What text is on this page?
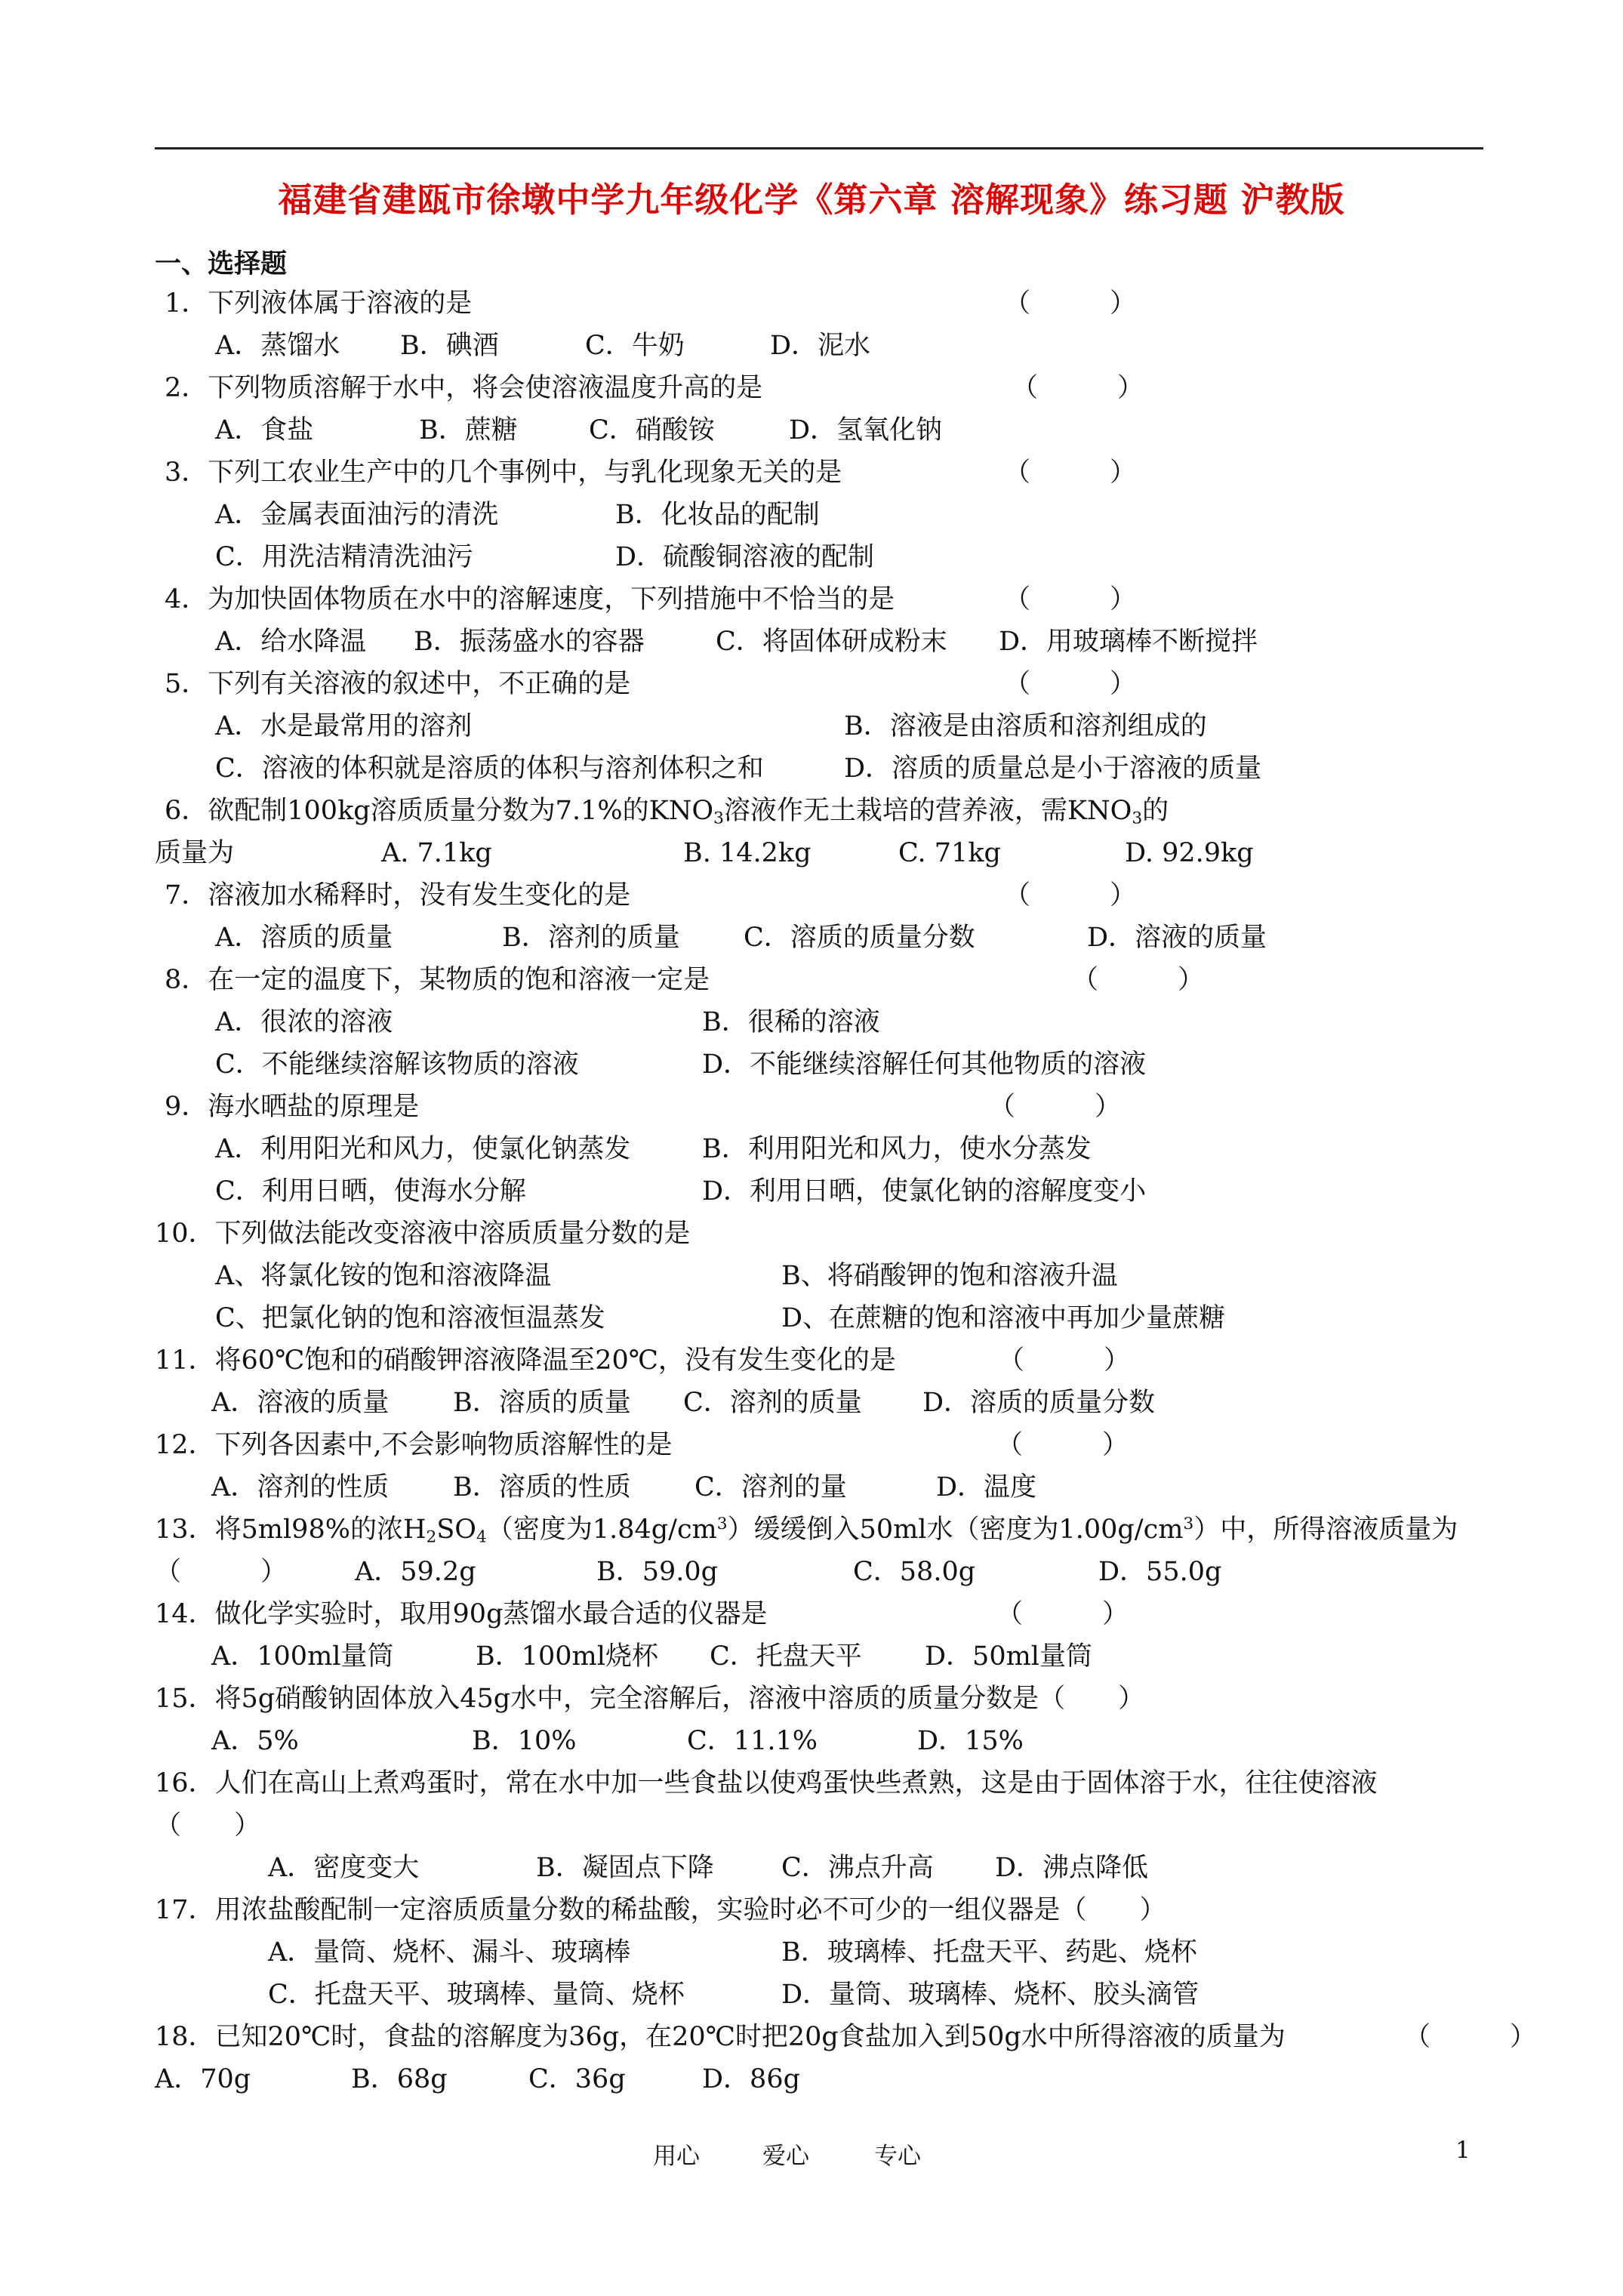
福建省建瓯市徐墩中学九年级化学《第六章 溶解现象》练习题 沪教版
一、选择题
1．下列液体属于溶液的是	（　　　）
A．蒸馏水 B．碘酒	C．牛奶	D．泥水
2．下列物质溶解于水中，将会使溶液温度升高的是	（　　　）
A．食盐	B．蔗糖	C．硝酸铵	D．氢氧化钠
3．下列工农业生产中的几个事例中，与乳化现象无关的是	（　　　）
A．金属表面油污的清洗	B．化妆品的配制
C．用洗洁精清洗油污	D．硫酸铜溶液的配制
4．为加快固体物质在水中的溶解速度，下列措施中不恰当的是	（　　　）
A．给水降温 B．振荡盛水的容器	C．将固体研成粉末 D．用玻璃棒不断搅拌
5．下列有关溶液的叙述中，不正确的是	（　　　）
A．水是最常用的溶剂	B．溶液是由溶质和溶剂组成的
C．溶液的体积就是溶质的体积与溶剂体积之和	D．溶质的质量总是小于溶液的质量
6．欲配制100kg溶质质量分数为7.1%的$KNO_3$溶液作无土栽培的营养液，需$KNO_3$的
质量为	A. 7.1kg	B. 14.2kg	C. 71kg	D. 92.9kg
7．溶液加水稀释时，没有发生变化的是	（　　　）
A．溶质的质量	B．溶剂的质量 C．溶质的质量分数	D．溶液的质量
8．在一定的温度下，某物质的饱和溶液一定是	（　　　）
A．很浓的溶液	B．很稀的溶液
C．不能继续溶解该物质的溶液	D．不能继续溶解任何其他物质的溶液
9．海水晒盐的原理是	（　　　）
A．利用阳光和风力，使氯化钠蒸发	B．利用阳光和风力，使水分蒸发
C．利用日晒，使海水分解	D．利用日晒，使氯化钠的溶解度变小
10．下列做法能改变溶液中溶质质量分数的是
A、将氯化铵的饱和溶液降温	B、将硝酸钾的饱和溶液升温
C、把氯化钠的饱和溶液恒温蒸发	D、在蔗糖的饱和溶液中再加少量蔗糖
11．将60℃饱和的硝酸钾溶液降温至20℃，没有发生变化的是	（　　　）
A．溶液的质量 B．溶质的质量 C．溶剂的质量 D．溶质的质量分数
12．下列各因素中,不会影响物质溶解性的是	（　　　）
A．溶剂的性质 B．溶质的性质 C．溶剂的量	D．温度
13．将5ml98%的浓$H_2SO_4$（密度为$1.84g/cm^3$）缓缓倒入50ml水（密度为$1.00g/cm^3$）中，所得溶液质量为
（　　　）	A．59.2g	B．59.0g	C．58.0g	D．55.0g
14．做化学实验时，取用90g蒸馏水最合适的仪器是	（　　　）
A．100ml量筒	B．100ml烧杯 C．托盘天平 D．50ml量筒
15．将5g硝酸钠固体放入45g水中，完全溶解后，溶液中溶质的质量分数是（　　）
A．5%	B．10%	C．11.1%	D．15%
16．人们在高山上煮鸡蛋时，常在水中加一些食盐以使鸡蛋快些煮熟，这是由于固体溶于水，往往使溶液
（　　）
A．密度变大	B．凝固点下降	C．沸点升高 D．沸点降低
17．用浓盐酸配制一定溶质质量分数的稀盐酸，实验时必不可少的一组仪器是（　　）
A．量筒、烧杯、漏斗、玻璃棒	B．玻璃棒、托盘天平、药匙、烧杯
C．托盘天平、玻璃棒、量筒、烧杯	D．量筒、玻璃棒、烧杯、胶头滴管
18．已知20℃时，食盐的溶解度为36g，在20℃时把20g食盐加入到50g水中所得溶液的质量为	（　　　）
A．70g	B．68g	C．36g	D．86g
用心	爱心	专心	1
